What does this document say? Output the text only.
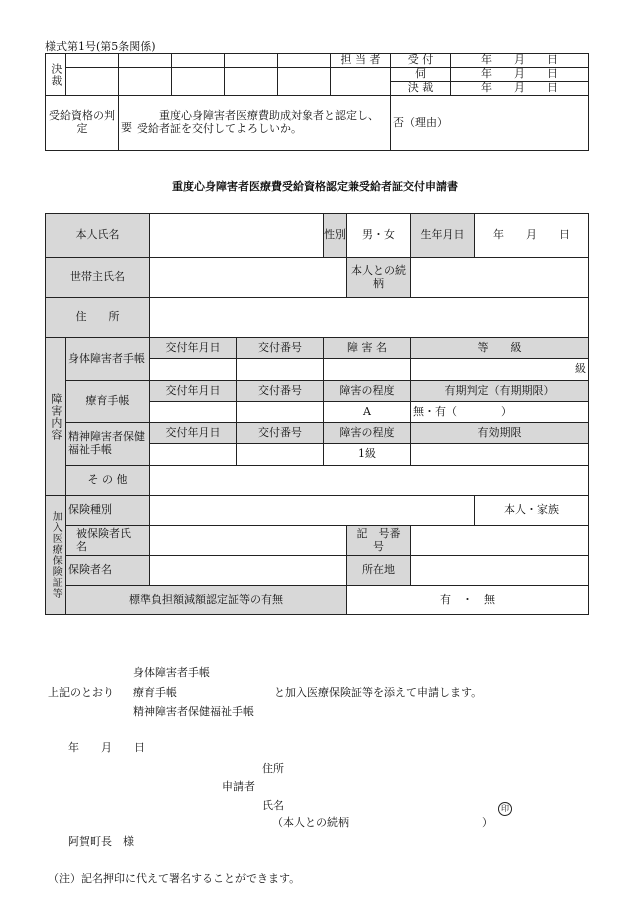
様式第1号(第5条関係)
決裁						担 当 者	受 付	年　　月　　日
							伺	年　　月　　日
							決 裁	年　　月　　日
受給資格の判　　定		要
重度心身障害者医療費助成対象者と認定し、受給者証を交付してよろしいか。					否（理由）	
重度心身障害者医療費受給資格認定兼受給者証交付申請書
本人氏名				性別	男・女	生年月日	年　　月　　日
世帯主氏名					本人との続　柄		
住　　所							
障害内容	身体障害者手帳	交付年月日	交付番号	障 害 名		等　　級	
						級	
	療育手帳	交付年月日	交付番号	障害の程度		有期判定（有期期限）	
				A		無・有（　　　　）	
	精神障害者保健福祉手帳	交付年月日	交付番号	障害の程度		有効期限	
				1級			
	そ の 他						
加入医療保険証等	保険種別						本人・家族
	被保険者氏　　名				記　号番　号		
	保険者名				所在地		
	標準負担額減額認定証等の有無				有　・　無		
身体障害者手帳
上記のとおり 療育手帳	と加入医療保険証等を添えて申請します。
精神障害者保健福祉手帳
年　　月　　日
住所
申請者
氏名	印
（本人との続柄	）
阿賀町長　様
（注）記名押印に代えて署名することができます。
